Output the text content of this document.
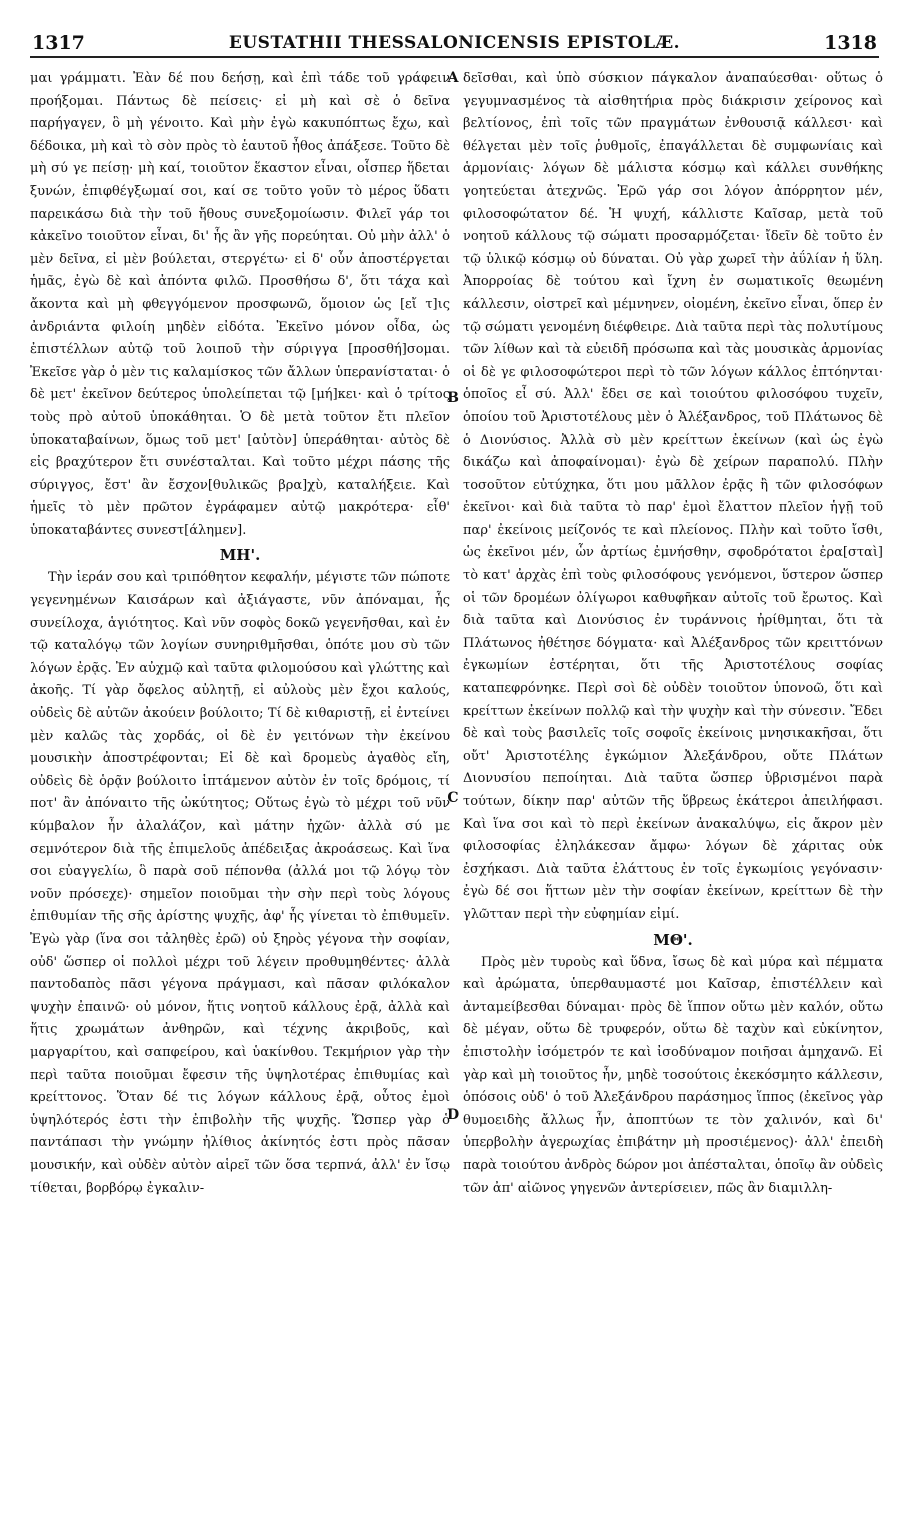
1317	EUSTATHII THESSALONICENSIS EPISTOLÆ.	1318

μαι γράμματι. Ἐὰν δέ που δεήσῃ, καὶ ἐπὶ τάδε τοῦ γράφειν προήξομαι. Πάντως δὲ πείσεις· εἰ μὴ καὶ σὲ ὁ δεῖνα παρήγαγεν, ὃ μὴ γένοιτο. Καὶ μὴν ἐγὼ κακυπόπτως ἔχω, καὶ δέδοικα, μὴ καὶ τὸ σὸν πρὸς τὸ ἑαυτοῦ ἦθος ἀπάξεσε. Τοῦτο δὲ μὴ σύ γε πείσῃ· μὴ καί, τοιοῦτον ἕκαστον εἶναι, οἷσπερ ἥδεται ξυνών, ἐπιφθέγξωμαί σοι, καί σε τοῦτο γοῦν τὸ μέρος ὕδατι παρεικάσω διὰ τὴν τοῦ ἤθους συνεξομοίωσιν. Φιλεῖ γάρ τοι κἀκεῖνο τοιοῦτον εἶναι, δι' ἧς ἂν γῆς πορεύηται. Οὐ μὴν ἀλλ' ὁ μὲν δεῖνα, εἰ μὲν βούλεται, στεργέτω· εἰ δ' οὖν ἀποστέργεται ἡμᾶς, ἐγὼ δὲ καὶ ἀπόντα φιλῶ. Προσθήσω δ', ὅτι τάχα καὶ ἄκοντα καὶ μὴ φθεγγόμενον προσφωνῶ, ὅμοιον ὡς [εἴ τ]ις ἀνδριάντα φιλοίη μηδὲν εἰδότα. Ἐκεῖνο μόνον οἶδα, ὡς ἐπιστέλλων αὐτῷ τοῦ λοιποῦ τὴν σύριγγα [προσθή]σομαι. Ἐκεῖσε γὰρ ὁ μὲν τις καλαμίσκος τῶν ἄλλων ὑπερανίσταται· ὁ δὲ μετ' ἐκεῖνον δεύτερος ὑπολείπεται τῷ [μή]κει· καὶ ὁ τρίτος τοὺς πρὸ αὐτοῦ ὑποκάθηται. Ὁ δὲ μετὰ τοῦτον ἔτι πλεῖον ὑποκαταβαίνων, ὅμως τοῦ μετ' [αὐτὸν] ὑπεράθηται· αὐτὸς δὲ εἰς βραχύτερον ἔτι συνέσταλται. Καὶ τοῦτο μέχρι πάσης τῆς σύριγγος, ἔστ' ἂν ἔσχον[θυλικῶς βρα]χὺ, καταλήξειε. Καὶ ἡμεῖς τὸ μὲν πρῶτον ἐγράφαμεν αὐτῷ μακρότερα· εἶθ' ὑποκαταβάντες συνεστ[άλημεν].

ΜΗ'.

Τὴν ἱεράν σου καὶ τριπόθητον κεφαλήν, μέγιστε τῶν πώποτε γεγενημένων Καισάρων καὶ ἀξιάγαστε, νῦν ἀπόναμαι, ἧς συνείλοχα, ἁγιότητος. Καὶ νῦν σοφὸς δοκῶ γεγενῆσθαι, καὶ ἐν τῷ καταλόγῳ τῶν λογίων συνηριθμῆσθαι, ὁπότε μου σὺ τῶν λόγων ἐρᾷς. Ἐν αὐχμῷ καὶ ταῦτα φιλομούσου καὶ γλώττης καὶ ἀκοῆς. Τί γὰρ ὄφελος αὐλητῇ, εἰ αὐλοὺς μὲν ἔχοι καλούς, οὐδεὶς δὲ αὐτῶν ἀκούειν βούλοιτο; Τί δὲ κιθαριστῇ, εἰ ἐντείνει μὲν καλῶς τὰς χορδάς, οἱ δὲ ἐν γειτόνων τὴν ἐκείνου μουσικὴν ἀποστρέφονται; Εἰ δὲ καὶ δρομεὺς ἀγαθὸς εἴη, οὐδεὶς δὲ ὁρᾷν βούλοιτο ἱπτάμενον αὐτὸν ἐν τοῖς δρόμοις, τί ποτ' ἂν ἀπόναιτο τῆς ὠκύτητος; Οὕτως ἐγὼ τὸ μέχρι τοῦ νῦν κύμβαλον ἦν ἀλαλάζον, καὶ μάτην ἠχῶν· ἀλλὰ σύ με σεμνότερον διὰ τῆς ἐπιμελοῦς ἀπέδειξας ἀκροάσεως. Καὶ ἵνα σοι εὐαγγελίω, ὃ παρὰ σοῦ πέπονθα (ἀλλά μοι τῷ λόγῳ τὸν νοῦν πρόσεχε)· σημεῖον ποιοῦμαι τὴν σὴν περὶ τοὺς λόγους ἐπιθυμίαν τῆς σῆς ἀρίστης ψυχῆς, ἀφ' ἧς γίνεται τὸ ἐπιθυμεῖν. Ἐγὼ γὰρ (ἵνα σοι τἀληθὲς ἐρῶ) οὐ ξηρὸς γέγονα τὴν σοφίαν, οὐδ' ὥσπερ οἱ πολλοὶ μέχρι τοῦ λέγειν προθυμηθέντες· ἀλλὰ παντοδαπὸς πᾶσι γέγονα πράγμασι, καὶ πᾶσαν φιλόκαλον ψυχὴν ἐπαινῶ· οὐ μόνον, ἥτις νοητοῦ κάλλους ἐρᾷ, ἀλλὰ καὶ ἥτις χρωμάτων ἀνθηρῶν, καὶ τέχνης ἀκριβοῦς, καὶ μαργαρίτου, καὶ σαπφείρου, καὶ ὑακίνθου. Τεκμήριον γὰρ τὴν περὶ ταῦτα ποιοῦμαι ἔφεσιν τῆς ὑψηλοτέρας ἐπιθυμίας καὶ κρείττονος. Ὅταν δέ τις λόγων κάλλους ἐρᾷ, οὗτος ἐμοὶ ὑψηλότερός ἐστι τὴν ἐπιβολὴν τῆς ψυχῆς. Ὥσπερ γὰρ ὁ παντάπασι τὴν γνώμην ἠλίθιος ἀκίνητός ἐστι πρὸς πᾶσαν μουσικήν, καὶ οὐδὲν αὐτὸν αἱρεῖ τῶν ὅσα τερπνά, ἀλλ' ἐν ἴσῳ τίθεται, βορβόρῳ ἐγκαλιν-

A
B
C
D

δεῖσθαι, καὶ ὑπὸ σύσκιον πάγκαλον ἀναπαύεσθαι· οὕτως ὁ γεγυμνασμένος τὰ αἰσθητήρια πρὸς διάκρισιν χείρονος καὶ βελτίονος, ἐπὶ τοῖς τῶν πραγμάτων ἐνθουσιᾷ κάλλεσι· καὶ θέλγεται μὲν τοῖς ῥυθμοῖς, ἐπαγάλλεται δὲ συμφωνίαις καὶ ἁρμονίαις· λόγων δὲ μάλιστα κόσμῳ καὶ κάλλει συνθήκης γοητεύεται ἀτεχνῶς. Ἐρῶ γάρ σοι λόγον ἀπόρρητον μέν, φιλοσοφώτατον δέ. Ἡ ψυχή, κάλλιστε Καῖσαρ, μετὰ τοῦ νοητοῦ κάλλους τῷ σώματι προσαρμόζεται· ἴδεῖν δὲ τοῦτο ἐν τῷ ὑλικῷ κόσμῳ οὐ δύναται. Οὐ γὰρ χωρεῖ τὴν ἀΰλίαν ἡ ὕλη. Ἀπορροίας δὲ τούτου καὶ ἴχνη ἐν σωματικοῖς θεωμένη κάλλεσιν, οἰστρεῖ καὶ μέμνηνεν, οἰομένη, ἐκεῖνο εἶναι, ὅπερ ἐν τῷ σώματι γενομένη διέφθειρε. Διὰ ταῦτα περὶ τὰς πολυτίμους τῶν λίθων καὶ τὰ εὐειδῆ πρόσωπα καὶ τὰς μουσικὰς ἁρμονίας οἱ δὲ γε φιλοσοφώτεροι περὶ τὸ τῶν λόγων κάλλος ἐπτόηνται· ὁποῖος εἶ σύ. Ἀλλ' ἔδει σε καὶ τοιούτου φιλοσόφου τυχεῖν, ὁποίου τοῦ Ἀριστοτέλους μὲν ὁ Ἀλέξανδρος, τοῦ Πλάτωνος δὲ ὁ Διονύσιος. Ἀλλὰ σὺ μὲν κρείττων ἐκείνων (καὶ ὡς ἐγὼ δικάζω καὶ ἀποφαίνομαι)· ἐγὼ δὲ χείρων παραπολύ. Πλὴν τοσοῦτον εὐτύχηκα, ὅτι μου μᾶλλον ἐρᾷς ἢ τῶν φιλοσόφων ἐκεῖνοι· καὶ διὰ ταῦτα τὸ παρ' ἐμοὶ ἔλαττον πλεῖον ἡγῇ τοῦ παρ' ἐκείνοις μείζονός τε καὶ πλείονος. Πλὴν καὶ τοῦτο ἴσθι, ὡς ἐκεῖνοι μέν, ὧν ἀρτίως ἐμνήσθην, σφοδρότατοι ἐρα[σταὶ] τὸ κατ' ἀρχὰς ἐπὶ τοὺς φιλοσόφους γενόμενοι, ὕστερον ὥσπερ οἱ τῶν δρομέων ὀλίγωροι καθυφῆκαν αὐτοῖς τοῦ ἔρωτος. Καὶ διὰ ταῦτα καὶ Διονύσιος ἐν τυράννοις ἠρίθμηται, ὅτι τὰ Πλάτωνος ἠθέτησε δόγματα· καὶ Ἀλέξανδρος τῶν κρειττόνων ἐγκωμίων ἐστέρηται, ὅτι τῆς Ἀριστοτέλους σοφίας καταπεφρόνηκε. Περὶ σοὶ δὲ οὐδὲν τοιοῦτον ὑπονοῶ, ὅτι καὶ κρείττων ἐκείνων πολλῷ καὶ τὴν ψυχὴν καὶ τὴν σύνεσιν. Ἔδει δὲ καὶ τοὺς βασιλεῖς τοῖς σοφοῖς ἐκείνοις μνησικακῆσαι, ὅτι οὔτ' Ἀριστοτέλης ἐγκώμιον Ἀλεξάνδρου, οὔτε Πλάτων Διονυσίου πεποίηται. Διὰ ταῦτα ὥσπερ ὑβρισμένοι παρὰ τούτων, δίκην παρ' αὐτῶν τῆς ὕβρεως ἑκάτεροι ἀπειλήφασι. Καὶ ἵνα σοι καὶ τὸ περὶ ἐκείνων ἀνακαλύψω, εἰς ἄκρον μὲν φιλοσοφίας ἐληλάκεσαν ἄμφω· λόγων δὲ χάριτας οὐκ ἐσχήκασι. Διὰ ταῦτα ἐλάττους ἐν τοῖς ἐγκωμίοις γεγόνασιν· ἐγὼ δέ σοι ἥττων μὲν τὴν σοφίαν ἐκείνων, κρείττων δὲ τὴν γλῶτταν περὶ τὴν εὐφημίαν εἰμί.

ΜΘ'.

Πρὸς μὲν τυροὺς καὶ ὕδνα, ἴσως δὲ καὶ μύρα καὶ πέμματα καὶ ἀρώματα, ὑπερθαυμαστέ μοι Καῖσαρ, ἐπιστέλλειν καὶ ἀνταμείβεσθαι δύναμαι· πρὸς δὲ ἵππον οὕτω μὲν καλόν, οὕτω δὲ μέγαν, οὕτω δὲ τρυφερόν, οὕτω δὲ ταχὺν καὶ εὐκίνητον, ἐπιστολὴν ἰσόμετρόν τε καὶ ἰσοδύναμον ποιῆσαι ἀμηχανῶ. Εἰ γὰρ καὶ μὴ τοιοῦτος ἦν, μηδὲ τοσούτοις ἐκεκόσμητο κάλλεσιν, ὁπόσοις οὐδ' ὁ τοῦ Ἀλεξάνδρου παράσημος ἵππος (ἐκεῖνος γὰρ θυμοειδὴς ἄλλως ἦν, ἀποπτύων τε τὸν χαλινόν, καὶ δι' ὑπερβολὴν ἀγερωχίας ἐπιβάτην μὴ προσιέμενος)· ἀλλ' ἐπειδὴ παρὰ τοιούτου ἀνδρὸς δώρον μοι ἀπέσταλται, ὁποῖῳ ἂν οὐδεὶς τῶν ἀπ' αἰῶνος γηγενῶν ἀντερίσειεν, πῶς ἂν διαμιλλη-
